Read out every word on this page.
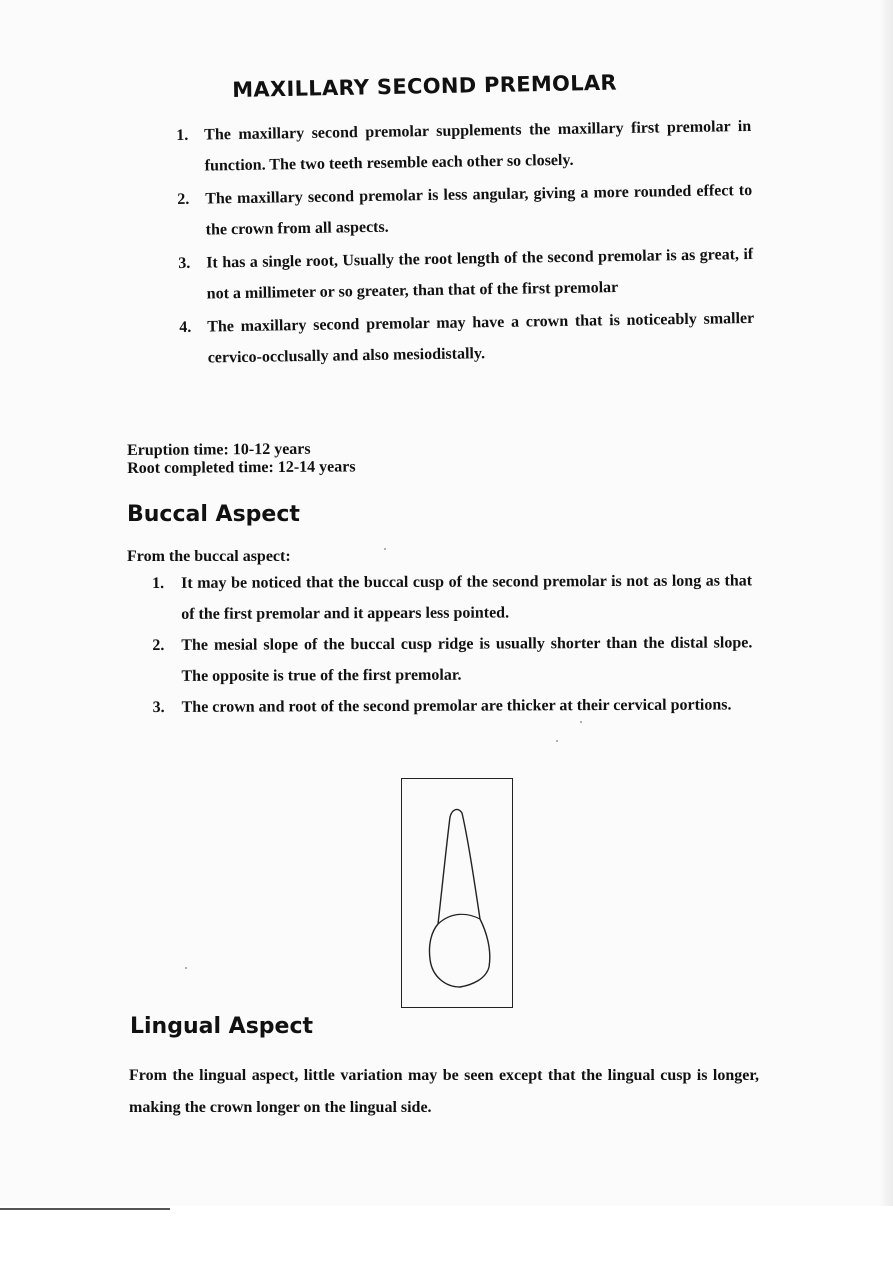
MAXILLARY SECOND PREMOLAR
1. The maxillary second premolar supplements the maxillary first premolar in function. The two teeth resemble each other so closely.
2. The maxillary second premolar is less angular, giving a more rounded effect to the crown from all aspects.
3. It has a single root, Usually the root length of the second premolar is as great, if not a millimeter or so greater, than that of the first premolar
4. The maxillary second premolar may have a crown that is noticeably smaller cervico-occlusally and also mesiodistally.
Eruption time: 10-12 years
Root completed time: 12-14 years
Buccal Aspect
From the buccal aspect:
1. It may be noticed that the buccal cusp of the second premolar is not as long as that of the first premolar and it appears less pointed.
2. The mesial slope of the buccal cusp ridge is usually shorter than the distal slope. The opposite is true of the first premolar.
3. The crown and root of the second premolar are thicker at their cervical portions.
Lingual Aspect
From the lingual aspect, little variation may be seen except that the lingual cusp is longer, making the crown longer on the lingual side.
